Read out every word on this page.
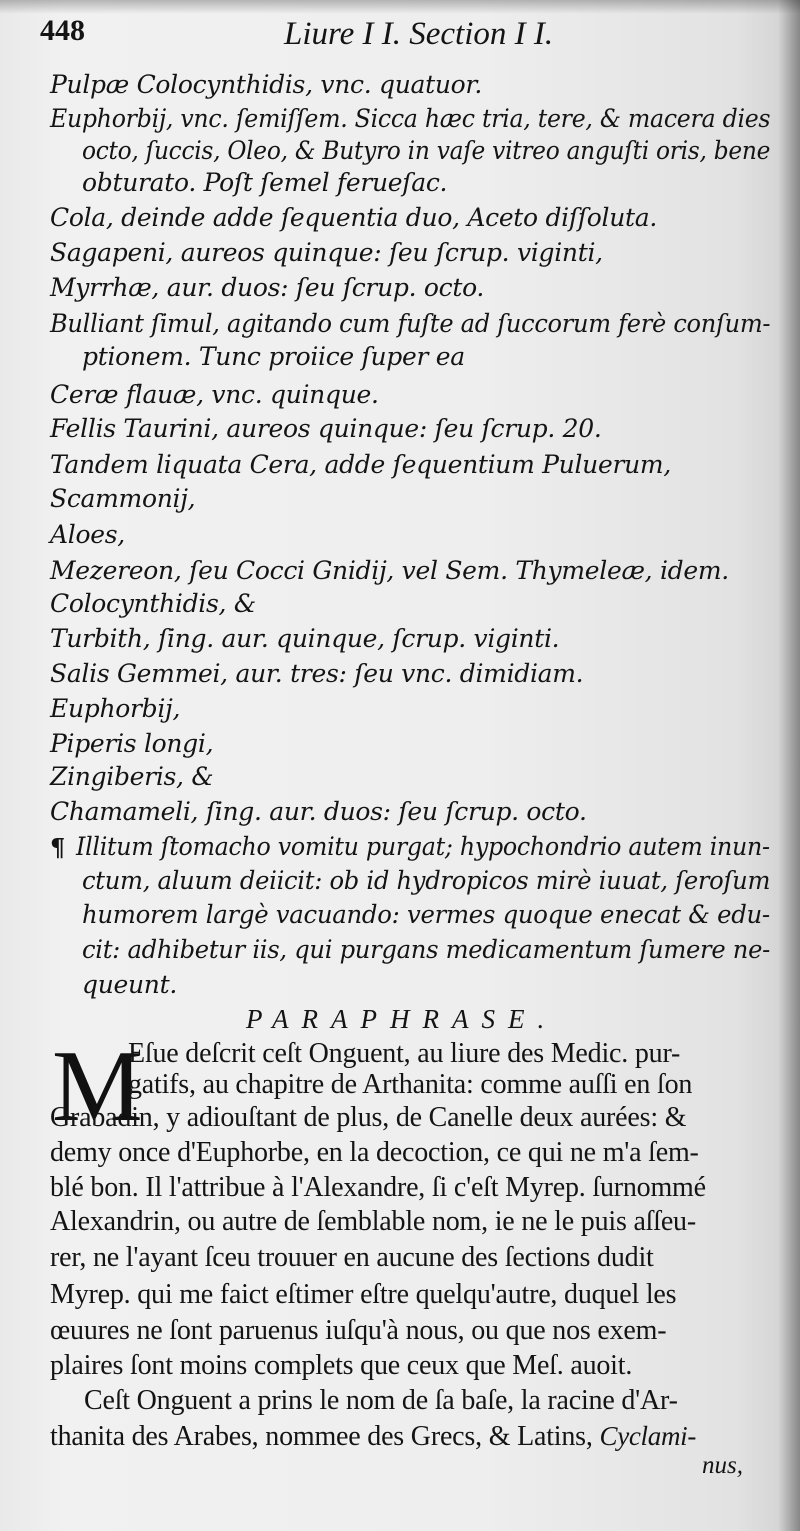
448	Liure I I. Section I I.
Pulpæ Colocynthidis, vnc. quatuor.
Euphorbij, vnc. ſemiſſem. Sicca hæc tria, tere, & macera dies
octo, ſuccis, Oleo, & Butyro in vaſe vitreo anguſti oris, bene
obturato. Poſt ſemel ferueſac.
Cola, deinde adde ſequentia duo, Aceto diſſoluta.
Sagapeni, aureos quinque: ſeu ſcrup. viginti,
Myrrhæ, aur. duos: ſeu ſcrup. octo.
Bulliant ſimul, agitando cum fuſte ad ſuccorum ferè conſum-
ptionem. Tunc proiice ſuper ea
Ceræ flauæ, vnc. quinque.
Fellis Taurini, aureos quinque: ſeu ſcrup. 20.
Tandem liquata Cera, adde ſequentium Puluerum,
Scammonij,
Aloes,
Mezereon, ſeu Cocci Gnidij, vel Sem. Thymeleæ, idem.
Colocynthidis, &
Turbith, ſing. aur. quinque, ſcrup. viginti.
Salis Gemmei, aur. tres: ſeu vnc. dimidiam.
Euphorbij,
Piperis longi,
Zingiberis, &
Chamameli, ſing. aur. duos: ſeu ſcrup. octo.
¶ Illitum ſtomacho vomitu purgat; hypochondrio autem inun-
ctum, aluum deiicit: ob id hydropicos mirè iuuat, ſeroſum
humorem largè vacuando: vermes quoque enecat & edu-
cit: adhibetur iis, qui purgans medicamentum ſumere ne-
queunt.
PARAPHRASE.
M
Eſue deſcrit ceſt Onguent, au liure des Medic. pur-
gatifs, au chapitre de Arthanita: comme auſſi en ſon
Grabadin, y adiouſtant de plus, de Canelle deux aurées: &
demy once d'Euphorbe, en la decoction, ce qui ne m'a ſem-
blé bon. Il l'attribue à l'Alexandre, ſi c'eſt Myrep. ſurnommé
Alexandrin, ou autre de ſemblable nom, ie ne le puis aſſeu-
rer, ne l'ayant ſceu trouuer en aucune des ſections dudit
Myrep. qui me faict eſtimer eſtre quelqu'autre, duquel les
œuures ne ſont paruenus iuſqu'à nous, ou que nos exem-
plaires ſont moins complets que ceux que Meſ. auoit.
Ceſt Onguent a prins le nom de ſa baſe, la racine d'Ar-
thanita des Arabes, nommee des Grecs, & Latins, Cyclami-
nus,
